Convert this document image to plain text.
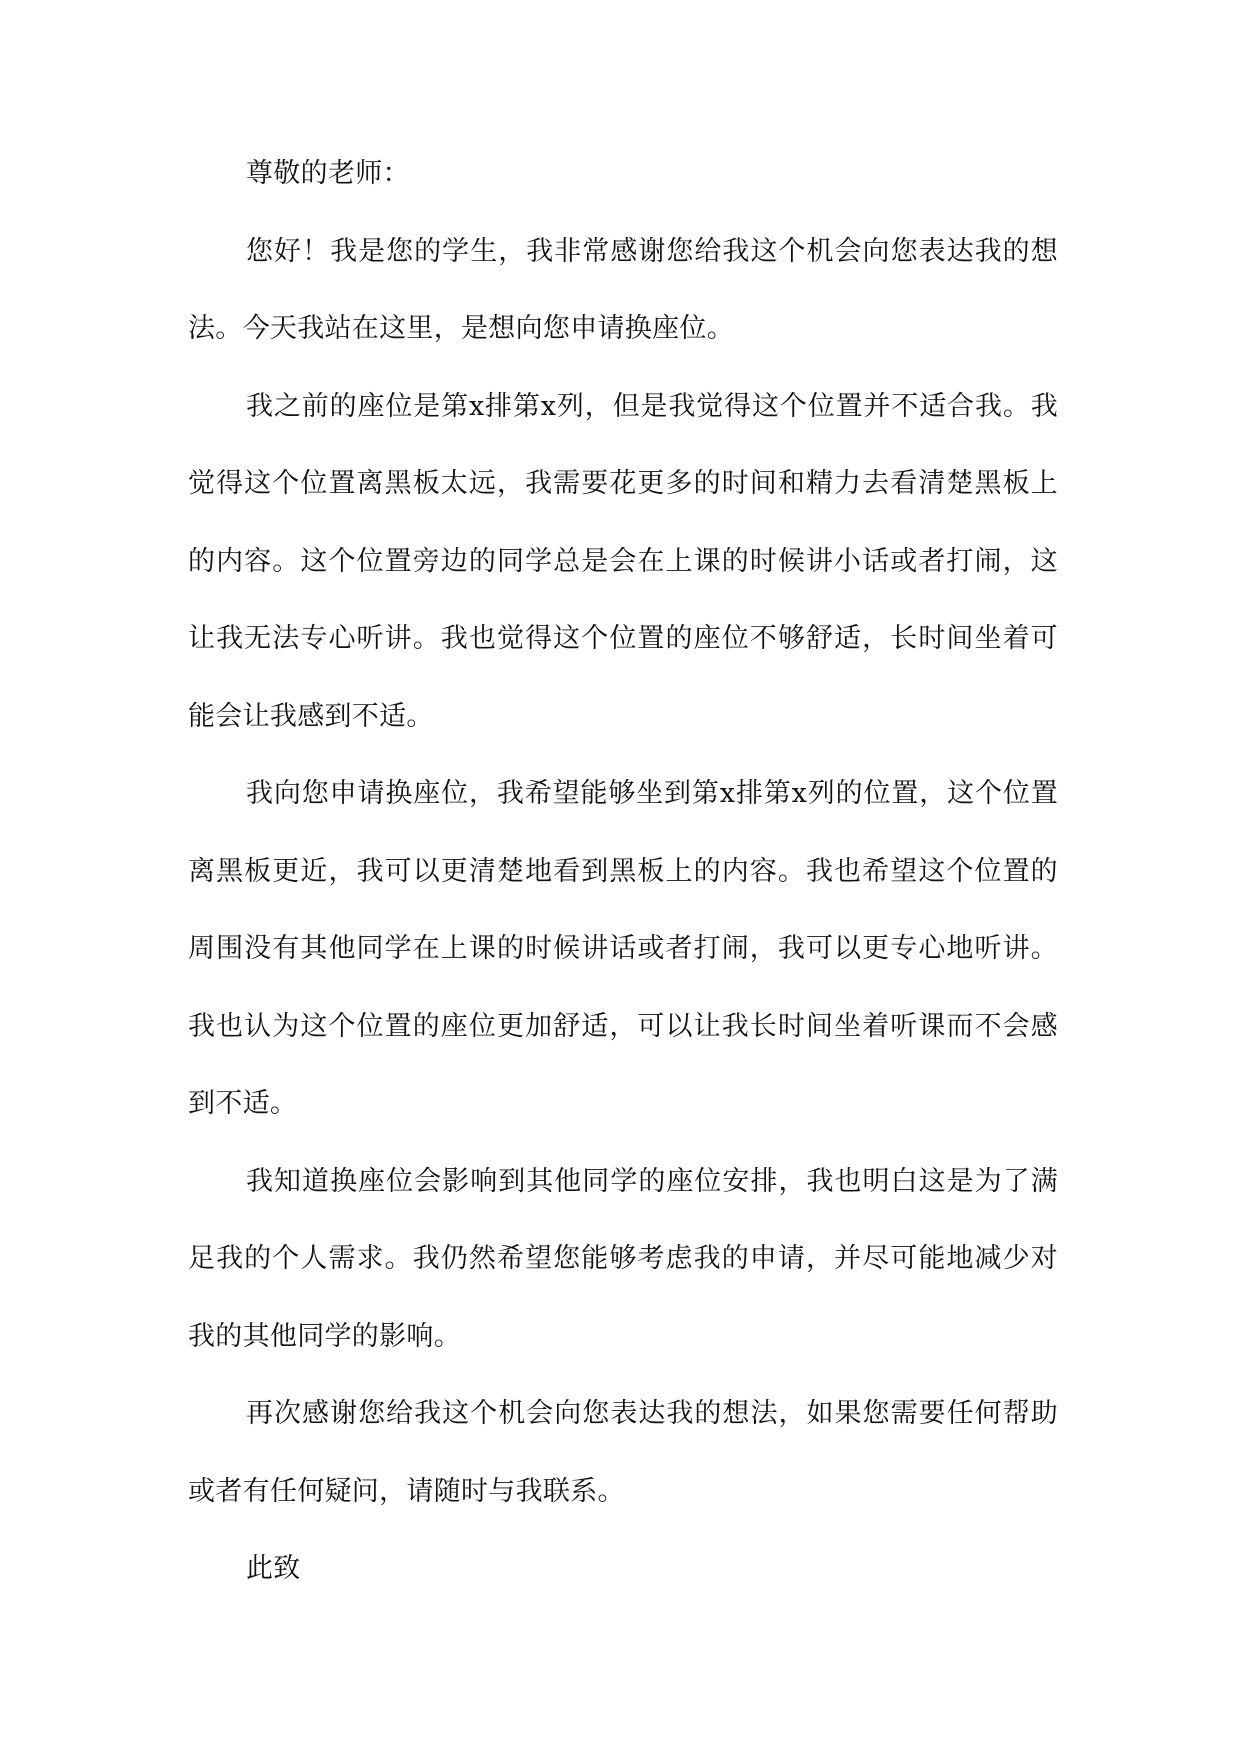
尊敬的老师：

您好！我是您的学生，我非常感谢您给我这个机会向您表达我的想法。今天我站在这里，是想向您申请换座位。

我之前的座位是第x排第x列，但是我觉得这个位置并不适合我。我觉得这个位置离黑板太远，我需要花更多的时间和精力去看清楚黑板上的内容。这个位置旁边的同学总是会在上课的时候讲小话或者打闹，这让我无法专心听讲。我也觉得这个位置的座位不够舒适，长时间坐着可能会让我感到不适。

我向您申请换座位，我希望能够坐到第x排第x列的位置，这个位置离黑板更近，我可以更清楚地看到黑板上的内容。我也希望这个位置的周围没有其他同学在上课的时候讲话或者打闹，我可以更专心地听讲。我也认为这个位置的座位更加舒适，可以让我长时间坐着听课而不会感到不适。

我知道换座位会影响到其他同学的座位安排，我也明白这是为了满足我的个人需求。我仍然希望您能够考虑我的申请，并尽可能地减少对我的其他同学的影响。

再次感谢您给我这个机会向您表达我的想法，如果您需要任何帮助或者有任何疑问，请随时与我联系。

此致
